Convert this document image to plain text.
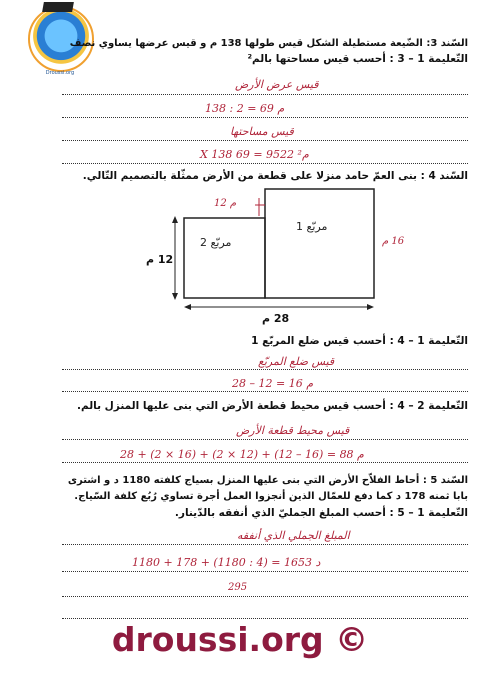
Droussi.org
السّند 3: الضّيعة مستطيلة الشكل قيس طولها 138 م و قيس عرضها يساوي نصف
التّعليمة 1 – 3 : أحسب قيس مساحتها بالم²
قيس عرض الأرض
م 69 = 2 : 138
قيس مساحتها
م² 9522 = 69 X 138
السّند 4 : بنى العمّ حامد منزلا على قطعة من الأرض ممثّلة بالتصميم التّالي.
مربّع 2
مربّع 1
12 م
28 م
م 12
16 م
التّعليمة 1 – 4 : أحسب قيس ضلع المربّع 1
قيس ضلع المربّع
م 16 = 12 – 28
التّعليمة 2 – 4 : أحسب قيس محيط قطعة الأرض التي بنى عليها المنزل بالم.
قيس محيط قطعة الأرض
م 88 = (16 – 12) + (12 × 2) + (16 × 2) + 28
السّند 5 : أحاط الفلاّح الأرض التي بنى عليها المنزل بسياج كلفته 1180 د و اشترى
بابا ثمنه 178 د كما دفع للعمّال الذين أنجزوا العمل أجرة تساوي رُبُع كلفة السّياج.
التّعليمة 1 – 5 : أحسب المبلغ الجمليّ الذي أنفقه بالدّينار.
المبلغ الجملي الذي أنفقه
د 1653 = (4 : 1180) + 178 + 1180
295
droussi.org ©
